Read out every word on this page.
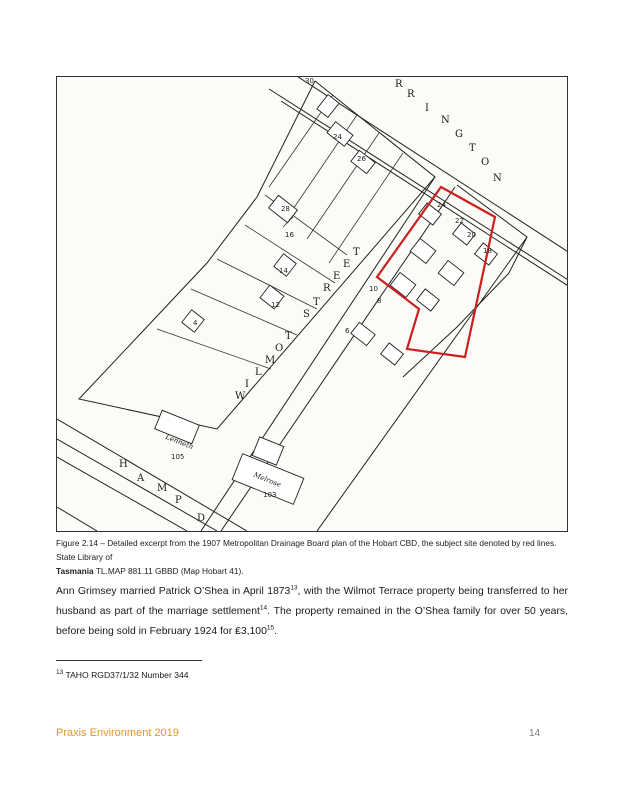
R
R
I
N
G
T
O
N
W
I
L
M
O
T
S
T
R
E
E
T
H
A
M
P
D
24
26
28
30
24
22
20
18
16
14
12
10
8
6
4
105
103
Lenneth
Melrose
Figure 2.14 – Detailed excerpt from the 1907 Metropolitan Drainage Board plan of the Hobart CBD, the subject site denoted by red lines. State Library of
Tasmania TL.MAP 881.11 GBBD (Map Hobart 41).

Ann Grimsey married Patrick O’Shea in April 1873$^{13}$, with the Wilmot Terrace property being transferred to her husband as part of the marriage settlement$^{14}$. The property remained in the O’Shea family for over 50 years, before being sold in February 1924 for ₤3,100$^{15}$.

$^{13}$ TAHO RGD37/1/32 Number 344
Praxis Environment 2019	14
